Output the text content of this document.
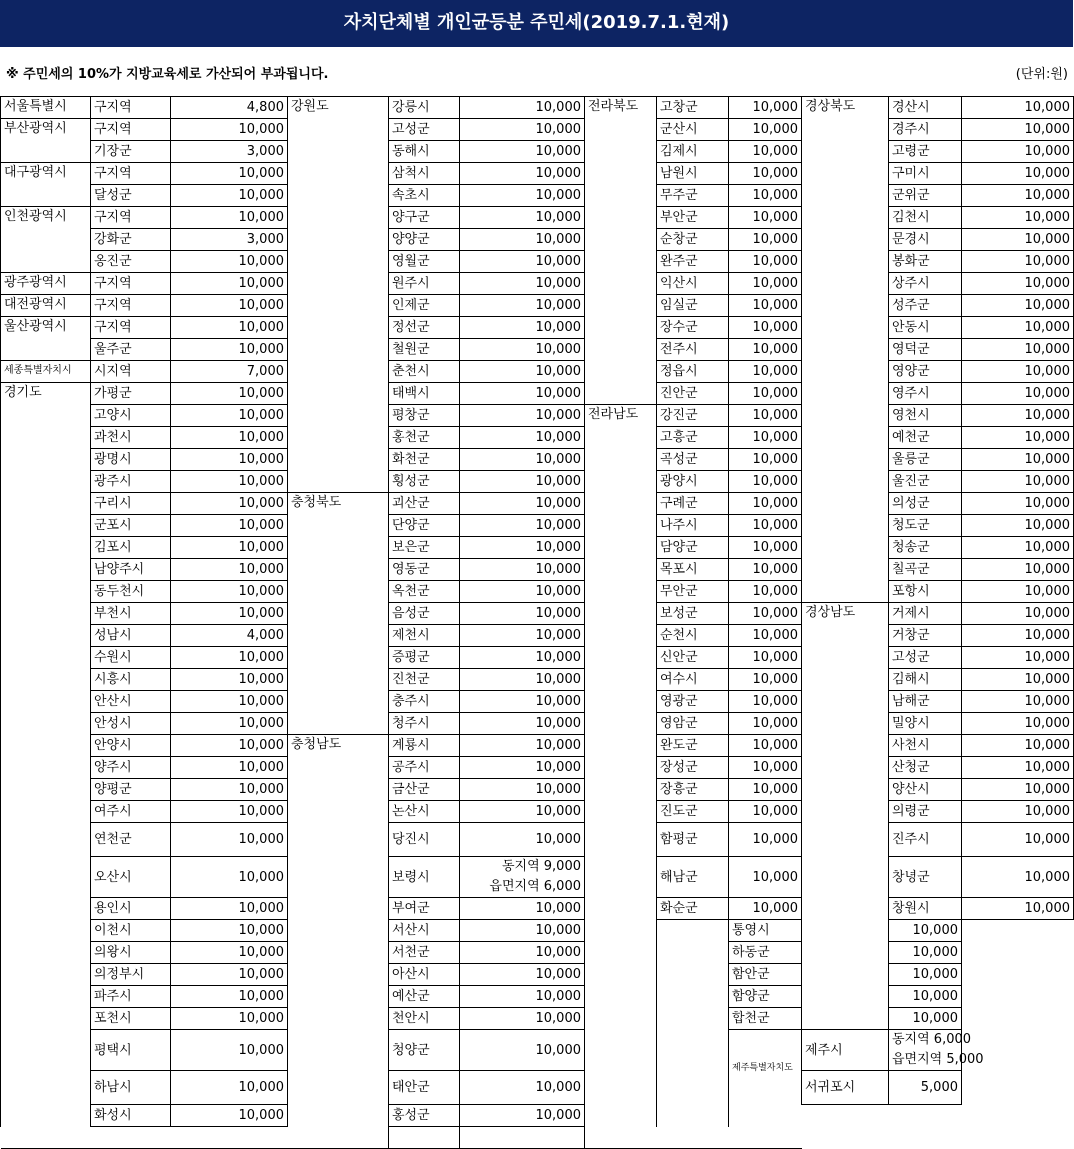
자치단체별 개인균등분 주민세(2019.7.1.현재)
※ 주민세의 10%가 지방교육세로 가산되어 부과됩니다.	(단위:원)
서울특별시	구지역	4,800	강원도	강릉시	10,000	전라북도	고창군	10,000	경상북도	경산시	10,000
부산광역시	구지역	10,000		고성군	10,000		군산시	10,000		경주시	10,000
	기장군	3,000		동해시	10,000		김제시	10,000		고령군	10,000
대구광역시	구지역	10,000		삼척시	10,000		남원시	10,000		구미시	10,000
	달성군	10,000		속초시	10,000		무주군	10,000		군위군	10,000
인천광역시	구지역	10,000		양구군	10,000		부안군	10,000		김천시	10,000
	강화군	3,000		양양군	10,000		순창군	10,000		문경시	10,000
	옹진군	10,000		영월군	10,000		완주군	10,000		봉화군	10,000
광주광역시	구지역	10,000		원주시	10,000		익산시	10,000		상주시	10,000
대전광역시	구지역	10,000		인제군	10,000		임실군	10,000		성주군	10,000
울산광역시	구지역	10,000		정선군	10,000		장수군	10,000		안동시	10,000
	울주군	10,000		철원군	10,000		전주시	10,000		영덕군	10,000
세종특별자치시	시지역	7,000		춘천시	10,000		정읍시	10,000		영양군	10,000
경기도	가평군	10,000		태백시	10,000		진안군	10,000		영주시	10,000
	고양시	10,000		평창군	10,000	전라남도	강진군	10,000		영천시	10,000
	과천시	10,000		홍천군	10,000		고흥군	10,000		예천군	10,000
	광명시	10,000		화천군	10,000		곡성군	10,000		울릉군	10,000
	광주시	10,000		횡성군	10,000		광양시	10,000		울진군	10,000
	구리시	10,000	충청북도	괴산군	10,000		구례군	10,000		의성군	10,000
	군포시	10,000		단양군	10,000		나주시	10,000		청도군	10,000
	김포시	10,000		보은군	10,000		담양군	10,000		청송군	10,000
	남양주시	10,000		영동군	10,000		목포시	10,000		칠곡군	10,000
	동두천시	10,000		옥천군	10,000		무안군	10,000		포항시	10,000
	부천시	10,000		음성군	10,000		보성군	10,000	경상남도	거제시	10,000
	성남시	4,000		제천시	10,000		순천시	10,000		거창군	10,000
	수원시	10,000		증평군	10,000		신안군	10,000		고성군	10,000
	시흥시	10,000		진천군	10,000		여수시	10,000		김해시	10,000
	안산시	10,000		충주시	10,000		영광군	10,000		남해군	10,000
	안성시	10,000		청주시	10,000		영암군	10,000		밀양시	10,000
	안양시	10,000	충청남도	계룡시	10,000		완도군	10,000		사천시	10,000
	양주시	10,000		공주시	10,000		장성군	10,000		산청군	10,000
	양평군	10,000		금산군	10,000		장흥군	10,000		양산시	10,000
	여주시	10,000		논산시	10,000		진도군	10,000		의령군	10,000
	연천군	10,000		당진시	10,000		함평군	10,000		진주시	10,000
	오산시	10,000		보령시	동지역 9,000
읍면지역 6,000		해남군	10,000		창녕군	10,000
	용인시	10,000		부여군	10,000		화순군	10,000		창원시	10,000
	이천시	10,000		서산시	10,000			통영시		10,000	
	의왕시	10,000		서천군	10,000			하동군		10,000	
	의정부시	10,000		아산시	10,000			함안군		10,000	
	파주시	10,000		예산군	10,000			함양군		10,000	
	포천시	10,000		천안시	10,000			합천군		10,000	
	평택시	10,000		청양군	10,000			제주특별자치도	제주시	동지역 6,000
읍면지역 5,000	

	하남시	10,000		태안군	10,000				서귀포시	5,000	
	화성시	10,000		홍성군	10,000						
